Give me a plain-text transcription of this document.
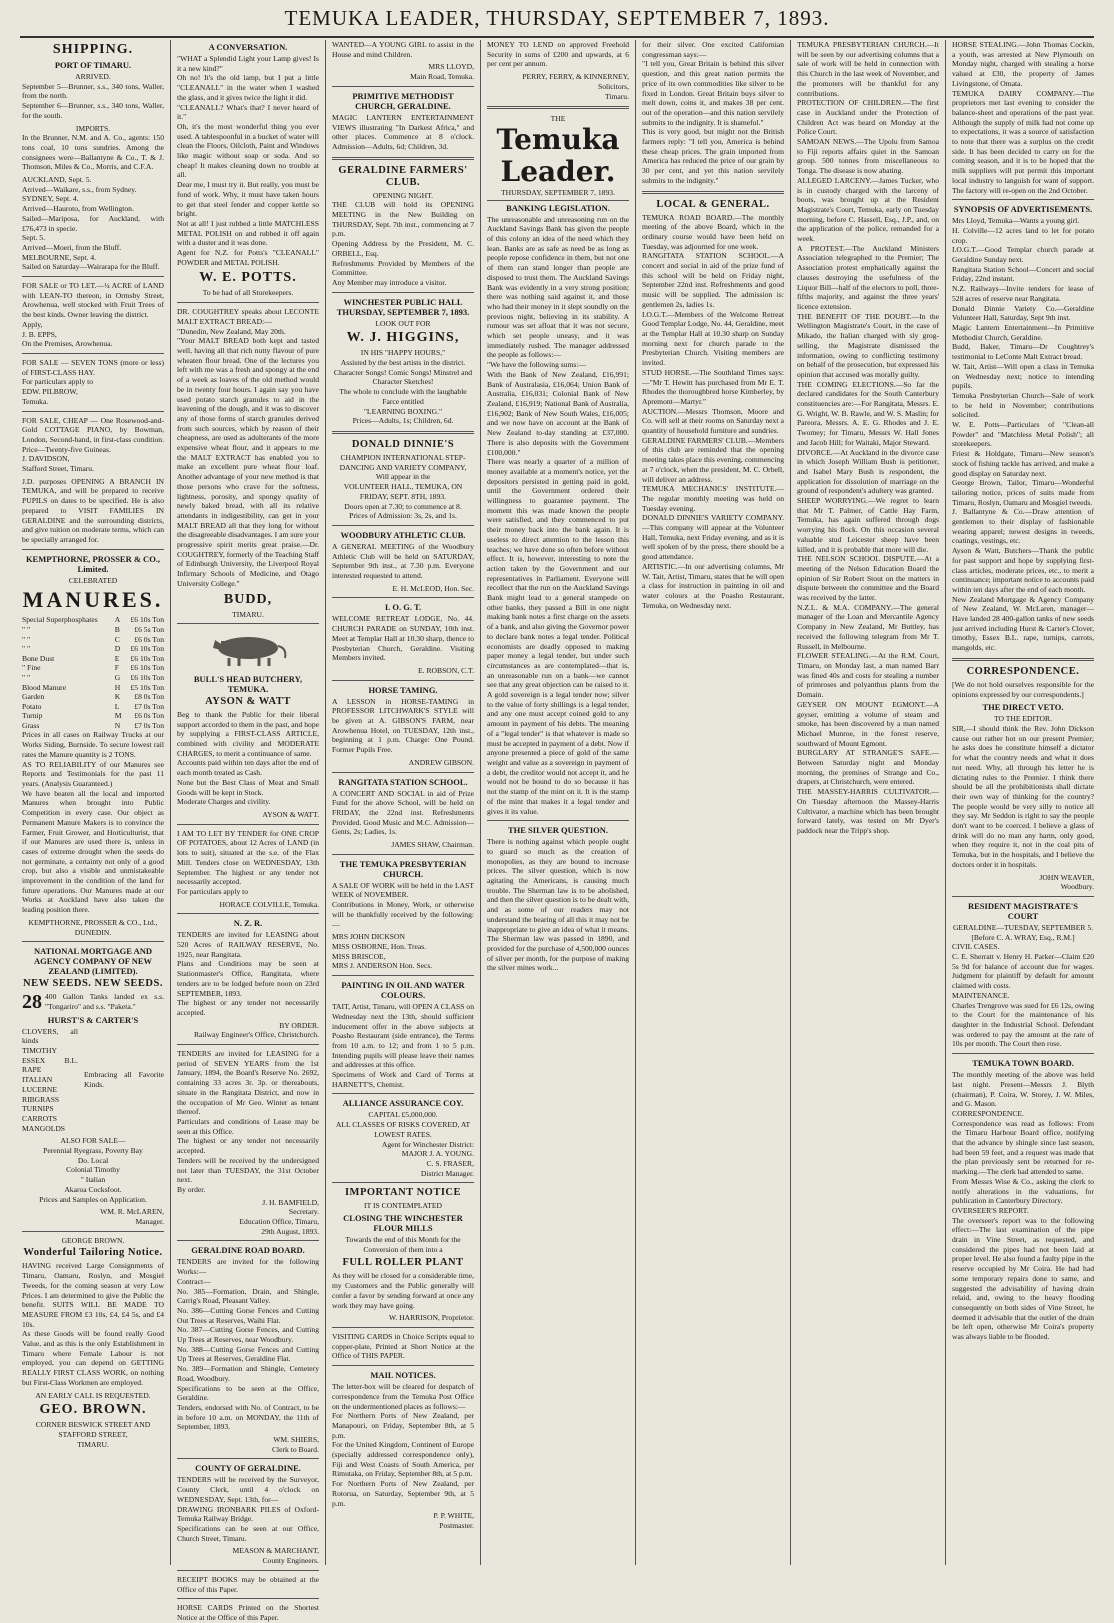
TEMUKA LEADER, THURSDAY, SEPTEMBER 7, 1893.
SHIPPING.
PORT OF TIMARU.
ARRIVED.
September 5—Brunner, s.s., 340 tons, Waller, from the north.
September 6—Brunner, s.s., 340 tons, Waller, for the south.
IMPORTS.
In the Brunner, N.M. and A. Co., agents: 150 tons coal, 10 tons sundries. Among the consignees were—Ballantyne & Co., T. & J. Thomson, Miles & Co., Morris, and C.F.A.
AUCKLAND, Sept. 5.
Arrived—Waikare, s.s., from Sydney.
SYDNEY, Sept. 4.
Arrived—Hauroto, from Wellington.
Sailed—Mariposa, for Auckland, with £76,473 in specie.
Sept. 5.
Arrived—Moeri, from the Bluff.
MELBOURNE, Sept. 4.
Sailed on Saturday—Wairarapa for the Bluff.
FOR SALE or TO LET.—¼ ACRE of LAND with LEAN-TO thereon, in Ormsby Street, Arowhenua, well stocked with Fruit Trees of the best kinds. Owner leaving the district.
Apply,
J. B. EPPS,
On the Premises, Arowhenua.
FOR SALE — SEVEN TONS (more or less) of FIRST-CLASS HAY.
For particulars apply to
EDW. PILBROW,
Temuka.
FOR SALE, CHEAP — One Rosewood-and-Gold COTTAGE PIANO, by Bowman, London, Second-hand, in first-class condition. Price—Twenty-five Guineas.
J. DAVIDSON,
Stafford Street, Timaru.
J.D. purposes OPENING A BRANCH IN TEMUKA, and will be prepared to receive PUPILS on dates to be specified. He is also prepared to VISIT FAMILIES IN GERALDINE and the surrounding districts, and give tuition on moderate terms, which can be specially arranged for.
KEMPTHORNE, PROSSER & CO., Limited.
CELEBRATED
MANURES.
Special Superphosphates	A	£6 10s Ton
" "	B	£6 5s Ton
" "	C	£6 0s Ton
" "	D	£6 10s Ton
Bone Dust	E	£6 10s Ton
" Fine	F	£6 10s Ton
" "	G	£6 10s Ton
Blood Manure	H	£5 10s Ton
Garden	K	£8 0s Ton
Potato	L	£7 0s Ton
Turnip	M	£6 0s Ton
Grass	N	£7 0s Ton
Prices in all cases on Railway Trucks at our Works Siding, Burnside. To secure lowest rail rates the Manure quantity is 2 TONS.
AS TO RELIABILITY of our Manures see Reports and Testimonials for the past 11 years. (Analysis Guaranteed.)
We have beaten all the local and imported Manures when brought into Public Competition in every case. Our object as Permanent Manure Makers is to convince the Farmer, Fruit Grower, and Horticulturist, that if our Manures are used there is, unless in cases of extreme drought when the seeds do not germinate, a certainty not only of a good crop, but also a visible and unmistakeable improvement in the condition of the land for future operations. Our Manures made at our Works at Auckland have also taken the leading position there.
KEMPTHORNE, PROSSER & CO., Ltd.,
DUNEDIN.
NATIONAL MORTGAGE AND AGENCY COMPANY OF NEW ZEALAND (LIMITED).
NEW SEEDS. NEW SEEDS.
28 400 Gallon Tanks landed ex s.s. "Tongariro" and s.s. "Paketa."
HURST'S & CARTER'S
CLOVERS, all kinds
TIMOTHY
ESSEX B.L. RAPE
ITALIAN
LUCERNE
RIBGRASS
TURNIPS
CARROTS
MANGOLDS
Embracing all Favorite Kinds.
ALSO FOR SALE—
Perennial Ryegrass, Poverty Bay
Do. Local
Colonial Timothy
" Italian
Akaroa Cocksfoot.
Prices and Samples on Application.
WM. R. McLAREN,
Manager.
GEORGE BROWN.
Wonderful Tailoring Notice.
HAVING received Large Consignments of Timaru, Oamaru, Roslyn, and Mosgiel Tweeds, for the coming season at very Low Prices. I am determined to give the Public the benefit. SUITS WILL BE MADE TO MEASURE FROM £3 10s, £4, £4 5s, and £4 10s.
As these Goods will be found really Good Value, and as this is the only Establishment in Timaru where Female Labour is not employed, you can depend on GETTING REALLY FIRST CLASS WORK, on nothing but First-Class Workmen are employed.
AN EARLY CALL IS REQUESTED.
GEO. BROWN.
CORNER BESWICK STREET AND STAFFORD STREET,
TIMARU.
A CONVERSATION.
"WHAT a Splendid Light your Lamp gives! Is it a new kind?"
Oh no! It's the old lamp, but I put a little "CLEANALL" in the water when I washed the glass, and it gives twice the light it did.
"CLEANALL? What's that? I never heard of it."
Oh, it's the most wonderful thing you ever used. A tablespoonful in a bucket of water will clean the Floors, Oilcloth, Paint and Windows like magic without soap or soda. And so cheap! It makes cleaning down no trouble at all.
Dear me, I must try it. But really, you must be fond of work. Why, it must have taken hours to get that steel fender and copper kettle so bright.
Not at all! I just rubbed a little MATCHLESS METAL POLISH on and rubbed it off again with a duster and it was done.
Agent for N.Z. for Potts's "CLEANALL" POWDER and METAL POLISH.
W. E. POTTS.
To be had of all Storekeepers.
DR. COUGHTREY speaks about LECONTE MALT EXTRACT BREAD:—
"Dunedin, New Zealand, May 20th.
"Your MALT BREAD both kept and tasted well, having all that rich nutty flavour of pure wheaten flour bread. One of the lectures you left with me was a fresh and spongy at the end of a week as loaves of the old method would be in twenty four hours. I again say you have used potato starch granules to aid in the leavening of the dough, and it was to discover any of those forms of starch granules derived from such sources, which by reason of their cheapness, are used as adulterants of the more expensive wheat flour, and it appears to me the MALT EXTRACT has enabled you to make an excellent pure wheat flour loaf. Another advantage of your new method is that those persons who crave for the softness, lightness, porosity, and spongy quality of newly baked bread, with all its relative attendants in indigestibility, can get in your MALT BREAD all that they long for without the disagreeable disadvantages. I am sure your progressive spirit merits great praise.—Dr. COUGHTREY, formerly of the Teaching Staff of Edinburgh University, the Liverpool Royal Infirmary Schools of Medicine, and Otago University College."
BUDD,
TIMARU.
BULL'S HEAD BUTCHERY, TEMUKA.
AYSON & WATT
Beg to thank the Public for their liberal support accorded to them in the past, and hope by supplying a FIRST-CLASS ARTICLE, combined with civility and MODERATE CHARGES, to merit a continuance of same.
Accounts paid within ten days after the end of each month treated as Cash.
None but the Best Class of Meat and Small Goods will be kept in Stock.
Moderate Charges and civility.
AYSON & WATT.
I AM TO LET BY TENDER for ONE CROP OF POTATOES, about 12 Acres of LAND (in lots to suit), situated at the s.e. of the Flax Mill. Tenders close on WEDNESDAY, 13th September. The highest or any tender not necessarily accepted.
For particulars apply to
HORACE COLVILLE, Temuka.
N. Z. R.
TENDERS are invited for LEASING about 520 Acres of RAILWAY RESERVE, No. 1925, near Rangitata.
Plans and Conditions may be seen at Stationmaster's Office, Rangitata, where tenders are to be lodged before noon on 23rd SEPTEMBER, 1893.
The highest or any tender not necessarily accepted.
BY ORDER.
Railway Engineer's Office, Christchurch.
TENDERS are invited for LEASING for a period of SEVEN YEARS from the 1st January, 1894, the Board's Reserve No. 2692, containing 33 acres 3r. 3p. or thereabouts, situate in the Rangitata District, and now in the occupation of Mr Geo. Winter as tenant thereof.
Particulars and conditions of Lease may be seen at this Office.
The highest or any tender not necessarily accepted.
Tenders will be received by the undersigned not later than TUESDAY, the 31st October next.
By order.
J. H. BAMFIELD,
Secretary.
Education Office, Timaru,
29th August, 1893.
GERALDINE ROAD BOARD.
TENDERS are invited for the following Works:—
Contract—
No. 385—Formation, Drain, and Shingle, Carrig's Road, Pleasant Valley.
No. 386—Cutting Gorse Fences and Cutting Out Trees at Reserves, Waihi Flat.
No. 387—Cutting Gorse Fences, and Cutting Up Trees at Reserves, near Woodbury.
No. 388—Cutting Gorse Fences and Cutting Up Trees at Reserves, Geraldine Flat.
No. 389—Formation and Shingle, Cemetery Road, Woodbury.
Specifications to be seen at the Office, Geraldine.
Tenders, endorsed with No. of Contract, to be in before 10 a.m. on MONDAY, the 11th of September, 1893.
WM. SHIERS,
Clerk to Board.
COUNTY OF GERALDINE.
TENDERS will be received by the Surveyor, County Clerk, until 4 o'clock on WEDNESDAY, Sept. 13th, for—
DRAWING IRONBARK PILES of Oxford-Temuka Railway Bridge.
Specifications can be seen at our Office, Church Street, Timaru.
MEASON & MARCHANT,
County Engineers.
RECEIPT BOOKS may be obtained at the Office of this Paper.
HORSE CARDS Printed on the Shortest Notice at the Office of this Paper.
WANTED—A YOUNG GIRL to assist in the House and mind Children.
MRS LLOYD,
Main Road, Temuka.
PRIMITIVE METHODIST CHURCH, GERALDINE.
MAGIC LANTERN ENTERTAINMENT VIEWS illustrating "In Darkest Africa," and other places. Commence at 8 o'clock. Admission—Adults, 6d; Children, 3d.
GERALDINE FARMERS' CLUB.
OPENING NIGHT.
THE CLUB will hold its OPENING MEETING in the New Building on THURSDAY, Sept. 7th inst., commencing at 7 p.m.
Opening Address by the President, M. C. ORBELL, Esq.
Refreshments Provided by Members of the Committee.
Any Member may introduce a visitor.
WINCHESTER PUBLIC HALL THURSDAY, SEPTEMBER 7, 1893.
LOOK OUT FOR
W. J. HIGGINS,
IN HIS "HAPPY HOURS,"
Assisted by the best artists in the district.
Character Songs! Comic Songs! Minstrel and Character Sketches!
The whole to conclude with the laughable Farce entitled
"LEARNING BOXING."
Prices—Adults, 1s; Children, 6d.
DONALD DINNIE'S
CHAMPION INTERNATIONAL STEP-DANCING AND VARIETY COMPANY,
Will appear in the
VOLUNTEER HALL, TEMUKA, ON FRIDAY, SEPT. 8TH, 1893.
Doors open at 7.30; to commence at 8.
Prices of Admission: 3s, 2s, and 1s.
WOODBURY ATHLETIC CLUB.
A GENERAL MEETING of the Woodbury Athletic Club will be held on SATURDAY, September 9th inst., at 7.30 p.m. Everyone interested requested to attend.
E. H. McLEOD, Hon. Sec.
I. O. G. T.
WELCOME RETREAT LODGE, No. 44. CHURCH PARADE on SUNDAY, 10th inst. Meet at Templar Hall at 10.30 sharp, thence to Presbyterian Church, Geraldine. Visiting Members invited.
E. ROBSON, C.T.
HORSE TAMING.
A LESSON in HORSE-TAMING in PROFESSOR LITCHWARK'S STYLE will be given at A. GIBSON'S FARM, near Arowhenua Hotel, on TUESDAY, 12th inst., beginning at 1 p.m. Charge: One Pound. Former Pupils Free.
ANDREW GIBSON.
RANGITATA STATION SCHOOL.
A CONCERT AND SOCIAL in aid of Prize Fund for the above School, will be held on FRIDAY, the 22nd inst. Refreshments Provided. Good Music and M.C. Admission—Gents, 2s; Ladies, 1s.
JAMES SHAW, Chairman.
THE TEMUKA PRESBYTERIAN CHURCH.
A SALE OF WORK will be held in the LAST WEEK of NOVEMBER.
Contributions in Money, Work, or otherwise will be thankfully received by the following:—
MRS JOHN DICKSON
MISS OSBORNE, Hon. Treas.
MISS BRISCOE,
MRS J. ANDERSON Hon. Secs.
PAINTING IN OIL AND WATER COLOURS.
TAIT, Artist, Timaru, will OPEN A CLASS on Wednesday next the 13th, should sufficient inducement offer in the above subjects at Poasho Restaurant (side entrance), the Terms from 10 a.m. to 12; and from 1 to 5 p.m. Intending pupils will please leave their names and addresses at this office.
Specimens of Work and Card of Terms at HARNETT'S, Chemist.
ALLIANCE ASSURANCE COY.
CAPITAL £5,000,000.
ALL CLASSES OF RISKS COVERED, AT LOWEST RATES.
Agent for Winchester District:
MAJOR J. A. YOUNG.
C. S. FRASER,
District Manager.
IMPORTANT NOTICE
IT IS CONTEMPLATED
CLOSING THE WINCHESTER FLOUR MILLS
Towards the end of this Month for the Conversion of them into a
FULL ROLLER PLANT
As they will be closed for a considerable time, my Customers and the Public generally will confer a favor by sending forward at once any work they may have going.
W. HARRISON, Proprietor.
VISITING CARDS in Choice Scripts equal to copper-plate, Printed at Short Notice at the Office of THIS PAPER.
MAIL NOTICES.
The letter-box will be cleared for despatch of correspondence from the Temuka Post Office on the undermentioned places as follows:—
For Northern Ports of New Zealand, per Manapouri, on Friday, September 8th, at 5 p.m.
For the United Kingdom, Continent of Europe (specially addressed correspondence only), Fiji and West Coasts of South America, per Rimutaka, on Friday, September 8th, at 5 p.m.
For Northern Ports of New Zealand, per Rotorua, on Saturday, September 9th, at 5 p.m.
P. P. WHITE,
Postmaster.
MONEY TO LEND on approved Freehold Security in sums of £200 and upwards, at 6 per cent per annum.
PERRY, FERRY, & KINNERNEY,
Solicitors,
Timaru.
THE
Temuka Leader.
THURSDAY, SEPTEMBER 7, 1893.
BANKING LEGISLATION.
The unreasonable and unreasoning run on the Auckland Savings Bank has given the people of this colony an idea of the need which they lean. Banks are as safe as need be as long as people repose confidence in them, but not one of them can stand longer than people are disposed to trust them. The Auckland Savings Bank was evidently in a very strong position; there was nothing said against it, and those who had their money in it slept soundly on the previous night, believing in its stability. A rumour was set afloat that it was not secure, which set people uneasy, and it was immediately rushed. The manager addressed the people as follows:—
"We have the following sums:—
With the Bank of New Zealand, £16,991; Bank of Australasia, £16,064; Union Bank of Australia, £16,031; Colonial Bank of New Zealand, £16,919; National Bank of Australia, £16,902; Bank of New South Wales, £16,005; and we now have on account at the Bank of New Zealand to-day standing at £37,000. There is also deposits with the Government £100,000."
There was nearly a quarter of a million of money available at a moment's notice, yet the depositors persisted in getting paid in gold, until the Government ordered their willingness to guarantee payment. The moment this was made known the people were satisfied, and they commenced to put their money back into the bank again. It is useless to direct attention to the lesson this teaches; we have done so often before without effect. It is, however, interesting to note the action taken by the Government and our representatives in Parliament. Everyone will recollect that the run on the Auckland Savings Bank might lead to a general stampede on other banks, they passed a Bill in one night making bank notes a first charge on the assets of a bank, and also giving the Governor power to declare bank notes a legal tender. Political economists are deadly opposed to making paper money a legal tender, but under such circumstances as are contemplated—that is, an unreasonable run on a bank—we cannot see that any great objection can be raised to it. A gold sovereign is a legal tender now; silver to the value of forty shillings is a legal tender, and any one must accept coined gold to any amount in payment of his debts. The meaning of a "legal tender" is that whatever is made so must be accepted in payment of a debt. Now if anyone presented a piece of gold of the same weight and value as a sovereign in payment of a debt, the creditor would not accept it, and he would not be bound to do so because it has not the stamp of the mint on it. It is the stamp of the mint that makes it a legal tender and gives it its value.
THE SILVER QUESTION.
There is nothing against which people ought to guard so much as the creation of monopolies, as they are bound to increase prices. The silver question, which is now agitating the Americans, is causing much trouble. The Sherman law is to be abolished, and then the silver question is to be dealt with, and as some of our readers may not understand the bearing of all this it may not be inappropriate to give an idea of what it means. The Sherman law was passed in 1890, and provided for the purchase of 4,500,000 ounces of silver per month, for the purpose of making the silver mines work...
for their silver. One excited Californian congressman says:—
"I tell you, Great Britain is behind this silver question, and this great nation permits the price of its own commodities like silver to be fixed in London. Great Britain buys silver to melt down, coins it, and makes 38 per cent. out of the operation—and this nation servilely submits to the indignity. It is shameful."
This is very good, but might not the British farmers reply: "I tell you, America is behind these cheap prices. The grain imported from America has reduced the price of our grain by 30 per cent, and yet this nation servilely submits to the indignity."
LOCAL & GENERAL.
TEMUKA ROAD BOARD.—The monthly meeting of the above Board, which in the ordinary course would have been held on Tuesday, was adjourned for one week.
RANGITATA STATION SCHOOL.—A concert and social in aid of the prize fund of this school will be held on Friday night, September 22nd inst. Refreshments and good music will be supplied. The admission is: gentlemen 2s, ladies 1s.
I.O.G.T.—Members of the Welcome Retreat Good Templar Lodge, No. 44, Geraldine, meet at the Templar Hall at 10.30 sharp on Sunday morning next for church parade to the Presbyterian Church. Visiting members are invited.
STUD HORSE.—The Southland Times says:—"Mr T. Hewitt has purchased from Mr E. T. Rhodes the thoroughbred horse Kimberley, by Apremont—Martyr."
AUCTION.—Messrs Thomson, Moore and Co. will sell at their rooms on Saturday next a quantity of household furniture and sundries.
GERALDINE FARMERS' CLUB.—Members of this club are reminded that the opening meeting takes place this evening, commencing at 7 o'clock, when the president, M. C. Orbell, will deliver an address.
TEMUKA MECHANICS' INSTITUTE.—The regular monthly meeting was held on Tuesday evening.
DONALD DINNIE'S VARIETY COMPANY.—This company will appear at the Volunteer Hall, Temuka, next Friday evening, and as it is well spoken of by the press, there should be a good attendance.
ARTISTIC.—In our advertising columns, Mr W. Tait, Artist, Timaru, states that he will open a class for instruction in painting in oil and water colours at the Poasho Restaurant, Temuka, on Wednesday next.
TEMUKA PRESBYTERIAN CHURCH.—It will be seen by our advertising columns that a sale of work will be held in connection with this Church in the last week of November, and the promoters will be thankful for any contributions.
PROTECTION OF CHILDREN.—The first case in Auckland under the Protection of Children Act was heard on Monday at the Police Court.
SAMOAN NEWS.—The Upolu from Samoa to Fiji reports affairs quiet in the Samoan group. 500 tonnes from miscellaneous to Tonga. The disease is now abating.
ALLEGED LARCENY.—James Tucker, who is in custody charged with the larceny of boots, was brought up at the Resident Magistrate's Court, Temuka, early on Tuesday morning, before C. Hassell, Esq., J.P., and, on the application of the police, remanded for a week.
A PROTEST.—The Auckland Ministers Association telegraphed to the Premier; The Association protest emphatically against the clauses destroying the usefulness of the Liquor Bill—half of the electors to poll, three-fifths majority, and against the three years' licence extension.
THE BENEFIT OF THE DOUBT.—In the Wellington Magistrate's Court, in the case of Mikado, the Italian charged with sly grog-selling, the Magistrate dismissed the information, owing to conflicting testimony on behalf of the prosecution, but expressed his opinion that accused was morally guilty.
THE COMING ELECTIONS.—So far the declared candidates for the South Canterbury constituencies are:—For Rangitata, Messrs. E. G. Wright, W. B. Rawle, and W. S. Maslin; for Pareora, Messrs. A. E. G. Rhodes and J. E. Twomey; for Timaru, Messrs W. Hall Jones and Jacob Hill; for Waitaki, Major Steward.
DIVORCE.—At Auckland in the divorce case in which Joseph William Bush is petitioner, and Isabel Mary Bush is respondent, the application for dissolution of marriage on the ground of respondent's adultery was granted.
SHEEP WORRYING.—We regret to learn that Mr T. Palmer, of Cattle Hay Farm, Temuka, has again suffered through dogs worrying his flock. On this occasion several valuable stud Leicester sheep have been killed, and it is probable that more will die.
THE NELSON SCHOOL DISPUTE.—At a meeting of the Nelson Education Board the opinion of Sir Robert Stout on the matters in dispute between the committee and the Board was received by the latter.
N.Z.L. & M.A. COMPANY.—The general manager of the Loan and Mercantile Agency Company in New Zealand, Mr Buttley, has received the following telegram from Mr T. Russell, in Melbourne.
FLOWER STEALING.—At the R.M. Court, Timaru, on Monday last, a man named Barr was fined 40s and costs for stealing a number of primroses and polyanthus plants from the Domain.
GEYSER ON MOUNT EGMONT.—A geyser, emitting a volume of steam and smoke, has been discovered by a man named Michael Munroe, in the forest reserve, southward of Mount Egmont.
BURGLARY AT STRANGE'S SAFE.—Between Saturday night and Monday morning, the premises of Strange and Co., drapers, at Christchurch, were entered.
THE MASSEY-HARRIS CULTIVATOR.—On Tuesday afternoon the Massey-Harris Cultivator, a machine which has been brought forward lately, was tested on Mr Dyer's paddock near the Tripp's shop.
HORSE STEALING.—John Thomas Cockin, a youth, was arrested at New Plymouth on Monday night, charged with stealing a horse valued at £30, the property of James Livingstone, of Omata.
TEMUKA DAIRY COMPANY.—The proprietors met last evening to consider the balance-sheet and operations of the past year. Although the supply of milk had not come up to expectations, it was a source of satisfaction to note that there was a surplus on the credit side. It has been decided to carry on for the coming season, and it is to be hoped that the milk suppliers will put permit this important local industry to languish for want of support. The factory will re-open on the 2nd October.
SYNOPSIS OF ADVERTISEMENTS.
Mrs Lloyd, Temuka—Wants a young girl.
H. Colville—12 acres land to let for potato crop.
I.O.G.T.—Good Templar church parade at Geraldine Sunday next.
Rangitata Station School—Concert and social Friday, 22nd instant.
N.Z. Railways—Invite tenders for lease of 528 acres of reserve near Rangitata.
Donald Dinnie Variety Co.—Geraldine Volunteer Hall, Saturday, Sept 9th inst.
Magic Lantern Entertainment—In Primitive Methodist Church, Geraldine.
Budd, Baker, Timaru—Dr Coughtrey's testimonial to LeConte Malt Extract bread.
W. Tait, Artist—Will open a class in Temuka on Wednesday next; notice to intending pupils.
Temuka Presbyterian Church—Sale of work to be held in November; contributions solicited.
W. E. Potts—Particulars of "Clean-all Powder" and "Matchless Metal Polish"; all storekeepers.
Friest & Holdgate, Timaru—New season's stock of fishing tackle has arrived, and make a good display on Saturday next.
George Brown, Tailor, Timaru—Wonderful tailoring notice, prices of suits made from Timaru, Roslyn, Oamaru and Mosgiel tweeds.
J. Ballantyne & Co.—Draw attention of gentlemen to their display of fashionable wearing apparel; newest designs in tweeds, coatings, vestings, etc.
Ayson & Watt, Butchers—Thank the public for past support and hope by supplying first-class articles, moderate prices, etc., to merit a continuance; important notice to accounts paid within ten days after the end of each month.
New Zealand Mortgage & Agency Company of New Zealand, W. McLaren, manager—Have landed 28 400-gallon tanks of new seeds just arrived including Hurst & Carter's Clover, timothy, Essex B.L. rape, turnips, carrots, mangolds, etc.
CORRESPONDENCE.
[We do not hold ourselves responsible for the opinions expressed by our correspondents.]
THE DIRECT VETO.
TO THE EDITOR.
SIR,—I should think the Rev. John Dickson cause out rather hot on our present Premier; he asks does he constitute himself a dictator for what the country needs and what it does not need. Why, all through his letter he is dictating rules to the Premier. I think there should be all the prohibitionists shall dictate their own way of thinking for the country? The people would be very silly to notice all they say. Mr Seddon is right to say the people don't want to be coerced. I believe a glass of drink will do no man any harm, only good, when they require it, not in the coal pits of Temuka, but in the hospitals, and I believe the doctors order it in hospitals.
JOHN WEAVER,
Woodbury.
RESIDENT MAGISTRATE'S COURT
GERALDINE—TUESDAY, SEPTEMBER 5.
[Before C. A. WRAY, Esq., R.M.]
CIVIL CASES.
C. E. Sherratt v. Henry H. Parker—Claim £20 5s 9d for balance of account due for wages. Judgment for plaintiff by default for amount claimed with costs.
MAINTENANCE.
Charles Trengrove was sued for £6 12s, owing to the Court for the maintenance of his daughter in the Industrial School. Defendant was ordered to pay the amount at the rate of 10s per month. The Court then rose.
TEMUKA TOWN BOARD.
The monthly meeting of the above was held last night. Present—Messrs J. Blyth (chairman), P. Coira, W. Storey, J. W. Miles, and G. Mason.
CORRESPONDENCE.
Correspondence was read as follows: From the Timaru Harbour Board office, notifying that the advance by shingle since last season, had been 59 feet, and a request was made that the plan previously sent be returned for re-marking.—The clerk had attended to same.
From Messrs Wise & Co., asking the clerk to notify alterations in the valuations, for publication in Canterbury Directory.
OVERSEER'S REPORT.
The overseer's report was to the following effect:—The last examination of the pipe drain in Vine Street, as requested, and considered the pipes had not been laid at proper level. He also found a faulty pipe in the reserve occupied by Mr Coira. He had had some temporary repairs done to same, and suggested the advisability of having drain relaid, and, owing to the heavy flooding consequently on both sides of Vine Street, he deemed it advisable that the outlet of the drain be left open, otherwise Mr Coira's property was always liable to be flooded.
